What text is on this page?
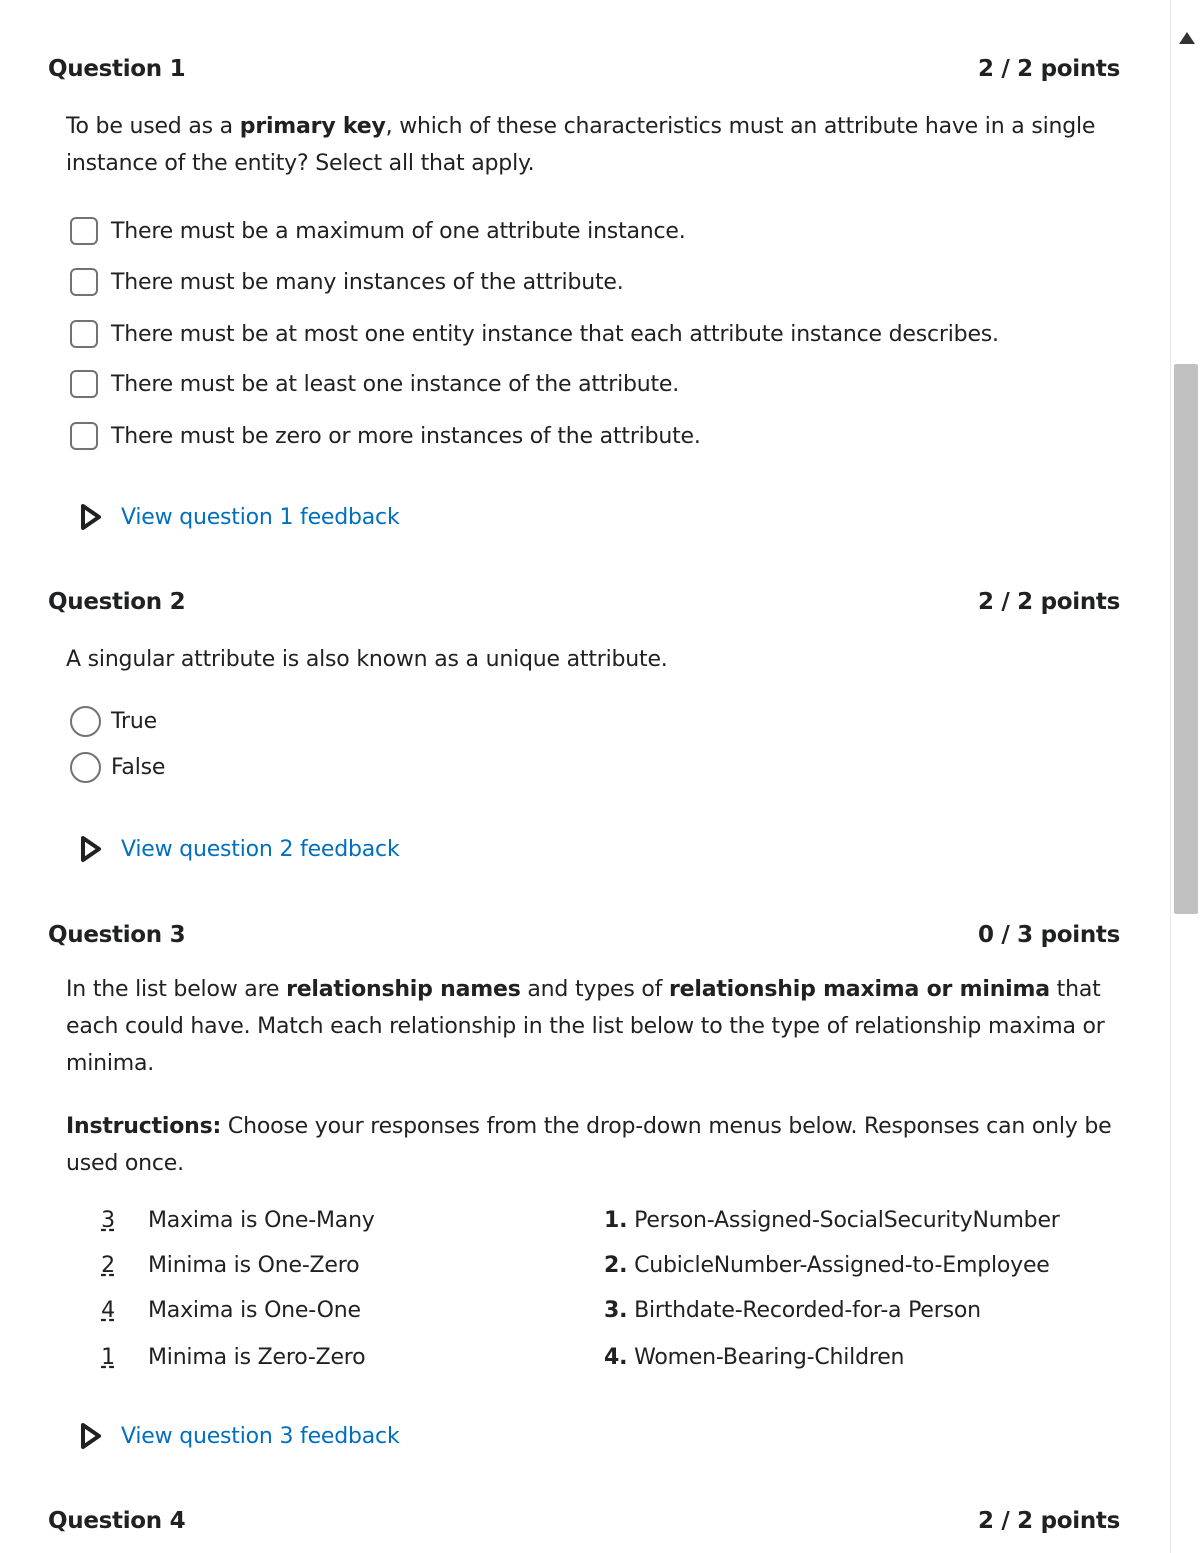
Question 1	2 / 2 points
To be used as a primary key, which of these characteristics must an attribute have in a single instance of the entity? Select all that apply.
There must be a maximum of one attribute instance.
There must be many instances of the attribute.
There must be at most one entity instance that each attribute instance describes.
There must be at least one instance of the attribute.
There must be zero or more instances of the attribute.
View question 1 feedback
Question 2	2 / 2 points
A singular attribute is also known as a unique attribute.
True
False
View question 2 feedback
Question 3	0 / 3 points
In the list below are relationship names and types of relationship maxima or minima that each could have. Match each relationship in the list below to the type of relationship maxima or minima.
Instructions: Choose your responses from the drop-down menus below. Responses can only be used once.
3	Maxima is One-Many
2	Minima is One-Zero
4	Maxima is One-One
1	Minima is Zero-Zero
1. Person-Assigned-SocialSecurityNumber
2. CubicleNumber-Assigned-to-Employee
3. Birthdate-Recorded-for-a Person
4. Women-Bearing-Children
View question 3 feedback
Question 4	2 / 2 points
